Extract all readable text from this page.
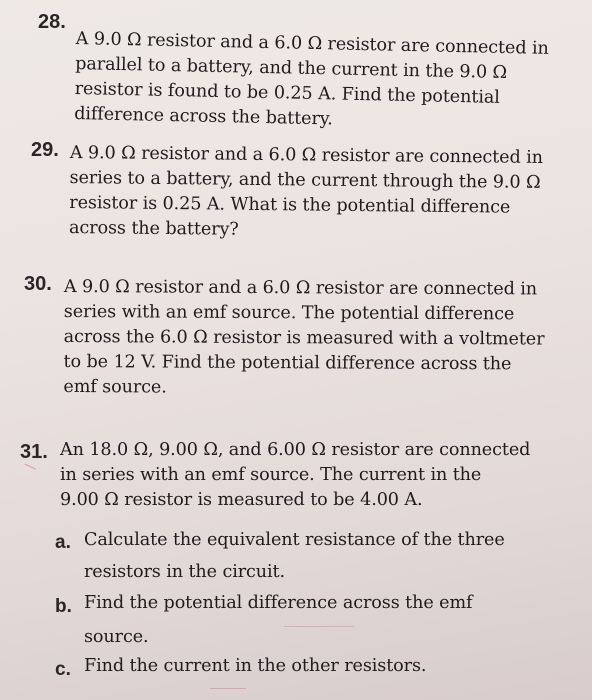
28.
A 9.0 Ω resistor and a 6.0 Ω resistor are connected in
parallel to a battery, and the current in the 9.0 Ω
resistor is found to be 0.25 A. Find the potential
difference across the battery.
29. A 9.0 Ω resistor and a 6.0 Ω resistor are connected in
series to a battery, and the current through the 9.0 Ω
resistor is 0.25 A. What is the potential difference
across the battery?
30. A 9.0 Ω resistor and a 6.0 Ω resistor are connected in
series with an emf source. The potential difference
across the 6.0 Ω resistor is measured with a voltmeter
to be 12 V. Find the potential difference across the
emf source.
31. An 18.0 Ω, 9.00 Ω, and 6.00 Ω resistor are connected
in series with an emf source. The current in the
9.00 Ω resistor is measured to be 4.00 A.
a. Calculate the equivalent resistance of the three
resistors in the circuit.
b. Find the potential difference across the emf
source.
c. Find the current in the other resistors.
